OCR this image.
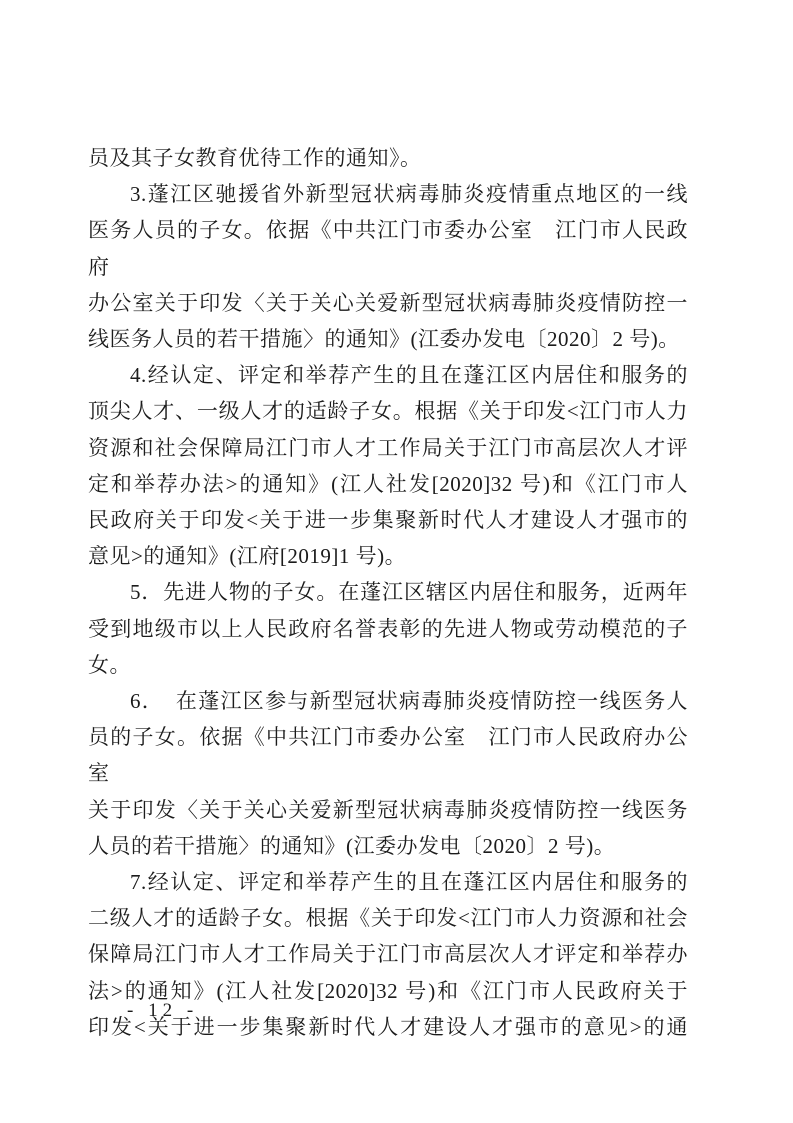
员及其子女教育优待工作的通知》。
3.蓬江区驰援省外新型冠状病毒肺炎疫情重点地区的一线
医务人员的子女。依据《中共江门市委办公室　江门市人民政府
办公室关于印发〈关于关心关爱新型冠状病毒肺炎疫情防控一
线医务人员的若干措施〉的通知》(江委办发电〔2020〕2 号)。
4.经认定、评定和举荐产生的且在蓬江区内居住和服务的
顶尖人才、一级人才的适龄子女。根据《关于印发<江门市人力
资源和社会保障局江门市人才工作局关于江门市高层次人才评
定和举荐办法>的通知》(江人社发[2020]32 号)和《江门市人
民政府关于印发<关于进一步集聚新时代人才建设人才强市的
意见>的通知》(江府[2019]1 号)。
5．先进人物的子女。在蓬江区辖区内居住和服务，近两年
受到地级市以上人民政府名誉表彰的先进人物或劳动模范的子
女。
6．　在蓬江区参与新型冠状病毒肺炎疫情防控一线医务人
员的子女。依据《中共江门市委办公室　江门市人民政府办公室
关于印发〈关于关心关爱新型冠状病毒肺炎疫情防控一线医务
人员的若干措施〉的通知》(江委办发电〔2020〕2 号)。
7.经认定、评定和举荐产生的且在蓬江区内居住和服务的
二级人才的适龄子女。根据《关于印发<江门市人力资源和社会
保障局江门市人才工作局关于江门市高层次人才评定和举荐办
法>的通知》(江人社发[2020]32 号)和《江门市人民政府关于
印发<关于进一步集聚新时代人才建设人才强市的意见>的通
- 12 -
